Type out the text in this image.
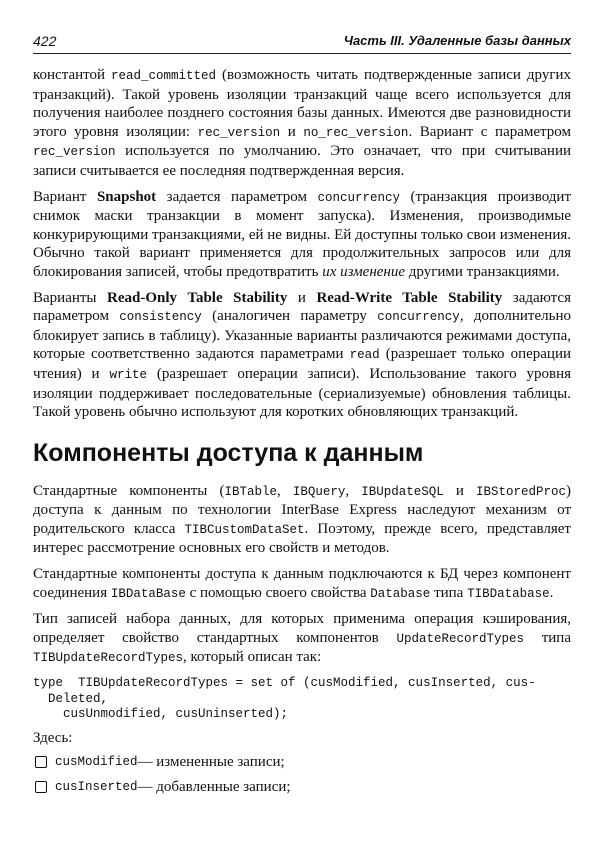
422	Часть III. Удаленные базы данных

константой read_committed (возможность читать подтвержденные записи других транзакций). Такой уровень изоляции транзакций чаще всего используется для получения наиболее позднего состояния базы данных. Имеются две разновидности этого уровня изоляции: rec_version и no_rec_version. Вариант с параметром rec_version используется по умолчанию. Это означает, что при считывании записи считывается ее последняя подтвержденная версия.

Вариант Snapshot задается параметром concurrency (транзакция производит снимок маски транзакции в момент запуска). Изменения, производимые конкурирующими транзакциями, ей не видны. Ей доступны только свои изменения. Обычно такой вариант применяется для продолжительных запросов или для блокирования записей, чтобы предотвратить их изменение другими транзакциями.

Варианты Read-Only Table Stability и Read-Write Table Stability задаются параметром consistency (аналогичен параметру concurrency, дополнительно блокирует запись в таблицу). Указанные варианты различаются режимами доступа, которые соответственно задаются параметрами read (разрешает только операции чтения) и write (разрешает операции записи). Использование такого уровня изоляции поддерживает последовательные (сериализуемые) обновления таблицы. Такой уровень обычно используют для коротких обновляющих транзакций.

Компоненты доступа к данным

Стандартные компоненты (IBTable, IBQuery, IBUpdateSQL и IBStoredProc) доступа к данным по технологии InterBase Express наследуют механизм от родительского класса TIBCustomDataSet. Поэтому, прежде всего, представляет интерес рассмотрение основных его свойств и методов.

Стандартные компоненты доступа к данным подключаются к БД через компонент соединения IBDataBase с помощью своего свойства Database типа TIBDatabase.

Тип записей набора данных, для которых применима операция кэширования, определяет свойство стандартных компонентов UpdateRecordTypes типа TIBUpdateRecordTypes, который описан так:

type  TIBUpdateRecordTypes = set of (cusModified, cusInserted, cus-
Deleted,
cusUnmodified, cusUninserted);
Здесь:
cusModified — измененные записи;
cusInserted — добавленные записи;
